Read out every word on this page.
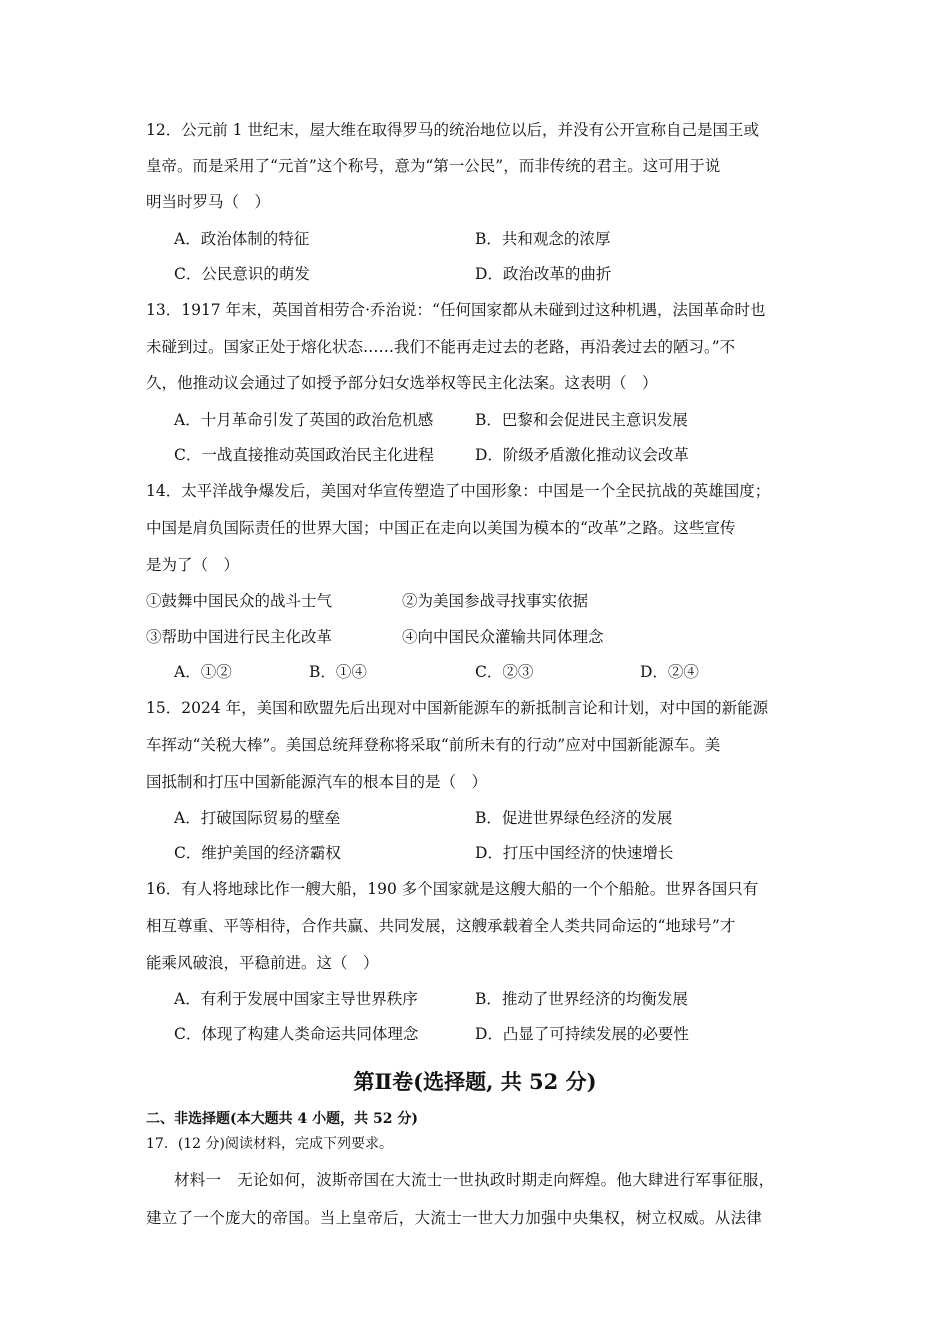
12．公元前 1 世纪末，屋大维在取得罗马的统治地位以后，并没有公开宣称自己是国王或
皇帝。而是采用了“元首”这个称号，意为“第一公民”，而非传统的君主。这可用于说
明当时罗马（　）
A．政治体制的特征	B．共和观念的浓厚
C．公民意识的萌发	D．政治改革的曲折
13．1917 年末，英国首相劳合·乔治说：“任何国家都从未碰到过这种机遇，法国革命时也
未碰到过。国家正处于熔化状态……我们不能再走过去的老路，再沿袭过去的陋习。”不
久，他推动议会通过了如授予部分妇女选举权等民主化法案。这表明（　）
A．十月革命引发了英国的政治危机感	B．巴黎和会促进民主意识发展
C．一战直接推动英国政治民主化进程	D．阶级矛盾激化推动议会改革
14．太平洋战争爆发后，美国对华宣传塑造了中国形象：中国是一个全民抗战的英雄国度；
中国是肩负国际责任的世界大国；中国正在走向以美国为模本的“改革”之路。这些宣传
是为了（　）
①鼓舞中国民众的战斗士气	②为美国参战寻找事实依据
③帮助中国进行民主化改革	④向中国民众灌输共同体理念
A．①②	B．①④	C．②③	D．②④
15．2024 年，美国和欧盟先后出现对中国新能源车的新抵制言论和计划，对中国的新能源
车挥动“关税大棒”。美国总统拜登称将采取“前所未有的行动”应对中国新能源车。美
国抵制和打压中国新能源汽车的根本目的是（　）
A．打破国际贸易的壁垒	B．促进世界绿色经济的发展
C．维护美国的经济霸权	D．打压中国经济的快速增长
16．有人将地球比作一艘大船，190 多个国家就是这艘大船的一个个船舱。世界各国只有
相互尊重、平等相待，合作共赢、共同发展，这艘承载着全人类共同命运的“地球号”才
能乘风破浪，平稳前进。这（　）
A．有利于发展中国家主导世界秩序	B．推动了世界经济的均衡发展
C．体现了构建人类命运共同体理念	D．凸显了可持续发展的必要性
第Ⅱ卷(选择题, 共 52 分)
二、非选择题(本大题共 4 小题，共 52 分)
17．(12 分)阅读材料，完成下列要求。
材料一　无论如何，波斯帝国在大流士一世执政时期走向辉煌。他大肆进行军事征服，
建立了一个庞大的帝国。当上皇帝后，大流士一世大力加强中央集权，树立权威。从法律
